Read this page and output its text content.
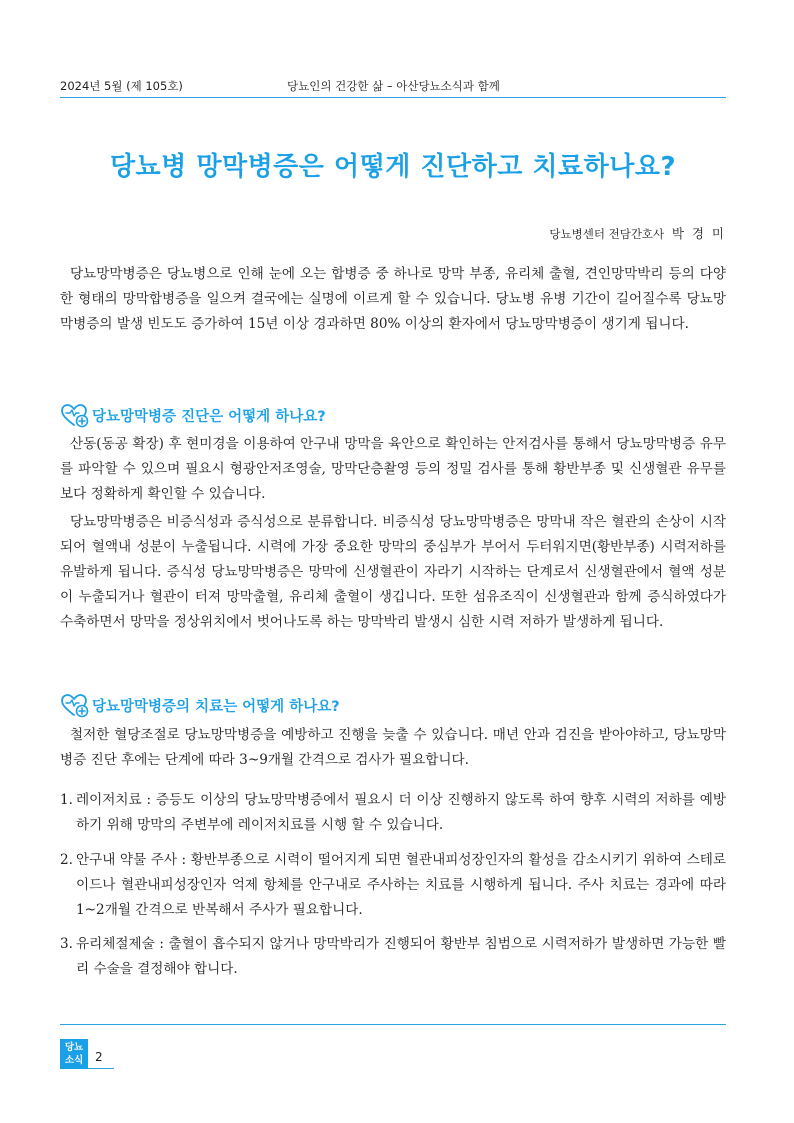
2024년 5월 (제 105호)	당뇨인의 건강한 삶 – 아산당뇨소식과 함께
당뇨병 망막병증은 어떻게 진단하고 치료하나요?
당뇨병센터 전담간호사 박 경 미

당뇨망막병증은 당뇨병으로 인해 눈에 오는 합병증 중 하나로 망막 부종, 유리체 출혈, 견인망막박리 등의 다양한 형태의 망막합병증을 일으켜 결국에는 실명에 이르게 할 수 있습니다. 당뇨병 유병 기간이 길어질수록 당뇨망막병증의 발생 빈도도 증가하여 15년 이상 경과하면 80% 이상의 환자에서 당뇨망막병증이 생기게 됩니다.

당뇨망막병증 진단은 어떻게 하나요?

산동(동공 확장) 후 현미경을 이용하여 안구내 망막을 육안으로 확인하는 안저검사를 통해서 당뇨망막병증 유무를 파악할 수 있으며 필요시 형광안저조영술, 망막단층촬영 등의 정밀 검사를 통해 황반부종 및 신생혈관 유무를 보다 정확하게 확인할 수 있습니다.

당뇨망막병증은 비증식성과 증식성으로 분류합니다. 비증식성 당뇨망막병증은 망막내 작은 혈관의 손상이 시작되어 혈액내 성분이 누출됩니다. 시력에 가장 중요한 망막의 중심부가 부어서 두터워지면(황반부종) 시력저하를 유발하게 됩니다. 증식성 당뇨망막병증은 망막에 신생혈관이 자라기 시작하는 단계로서 신생혈관에서 혈액 성분이 누출되거나 혈관이 터져 망막출혈, 유리체 출혈이 생깁니다. 또한 섬유조직이 신생혈관과 함께 증식하였다가 수축하면서 망막을 정상위치에서 벗어나도록 하는 망막박리 발생시 심한 시력 저하가 발생하게 됩니다.

당뇨망막병증의 치료는 어떻게 하나요?

철저한 혈당조절로 당뇨망막병증을 예방하고 진행을 늦출 수 있습니다. 매년 안과 검진을 받아야하고, 당뇨망막병증 진단 후에는 단계에 따라 3~9개월 간격으로 검사가 필요합니다.

1. 레이저치료 : 증등도 이상의 당뇨망막병증에서 필요시 더 이상 진행하지 않도록 하여 향후 시력의 저하를 예방하기 위해 망막의 주변부에 레이저치료를 시행 할 수 있습니다.
2. 안구내 약물 주사 : 황반부종으로 시력이 떨어지게 되면 혈관내피성장인자의 활성을 감소시키기 위하여 스테로이드나 혈관내피성장인자 억제 항체를 안구내로 주사하는 치료를 시행하게 됩니다. 주사 치료는 경과에 따라 1~2개월 간격으로 반복해서 주사가 필요합니다.
3. 유리체절제술 : 출혈이 흡수되지 않거나 망막박리가 진행되어 황반부 침범으로 시력저하가 발생하면 가능한 빨리 수술을 결정해야 합니다.
당뇨
소식 2
